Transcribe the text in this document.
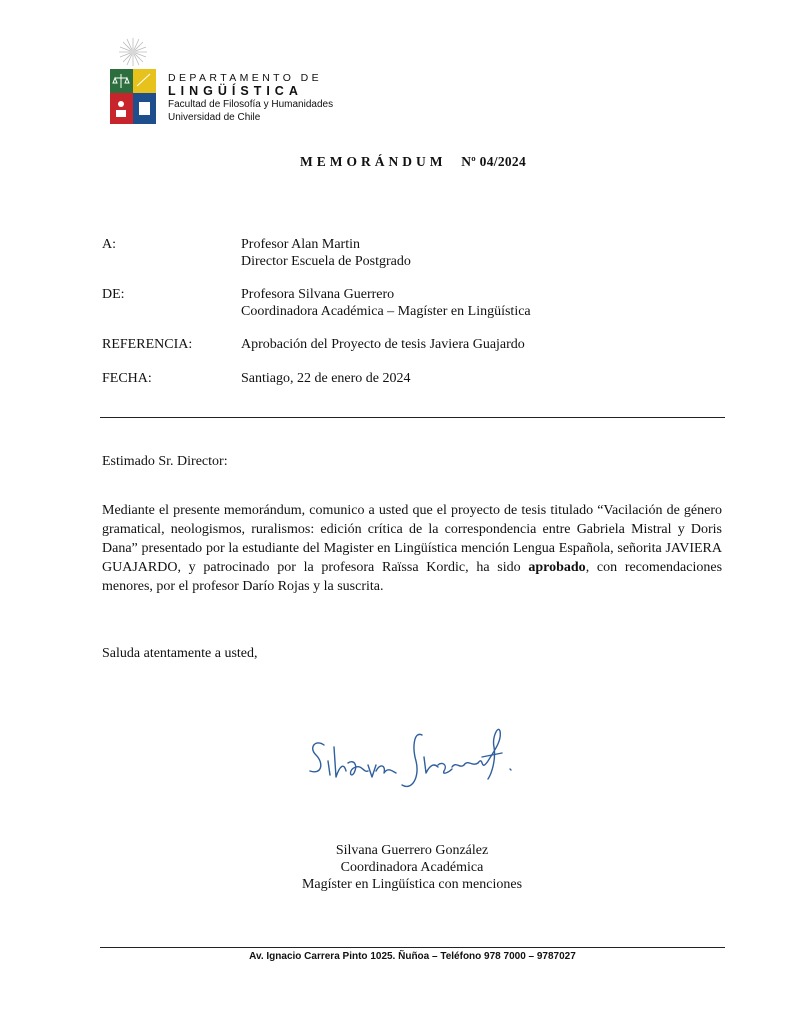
DEPARTAMENTO DE
LINGÜÍSTICA
Facultad de Filosofía y Humanidades
Universidad de Chile
MEMORÁNDUM Nº 04/2024
A:	Profesor Alan Martin
Director Escuela de Postgrado
DE:	Profesora Silvana Guerrero
Coordinadora Académica – Magíster en Lingüística
REFERENCIA:	Aprobación del Proyecto de tesis Javiera Guajardo
FECHA:	Santiago, 22 de enero de 2024
Estimado Sr. Director:
Mediante el presente memorándum, comunico a usted que el proyecto de tesis titulado “Vacilación de género gramatical, neologismos, ruralismos: edición crítica de la correspondencia entre Gabriela Mistral y Doris Dana” presentado por la estudiante del Magister en Lingüística mención Lengua Española, señorita JAVIERA GUAJARDO, y patrocinado por la profesora Raïssa Kordic, ha sido aprobado, con recomendaciones menores, por el profesor Darío Rojas y la suscrita.
Saluda atentamente a usted,
Silvana Guerrero González
Coordinadora Académica
Magíster en Lingüística con menciones
Av. Ignacio Carrera Pinto 1025. Ñuñoa – Teléfono 978 7000 – 9787027
